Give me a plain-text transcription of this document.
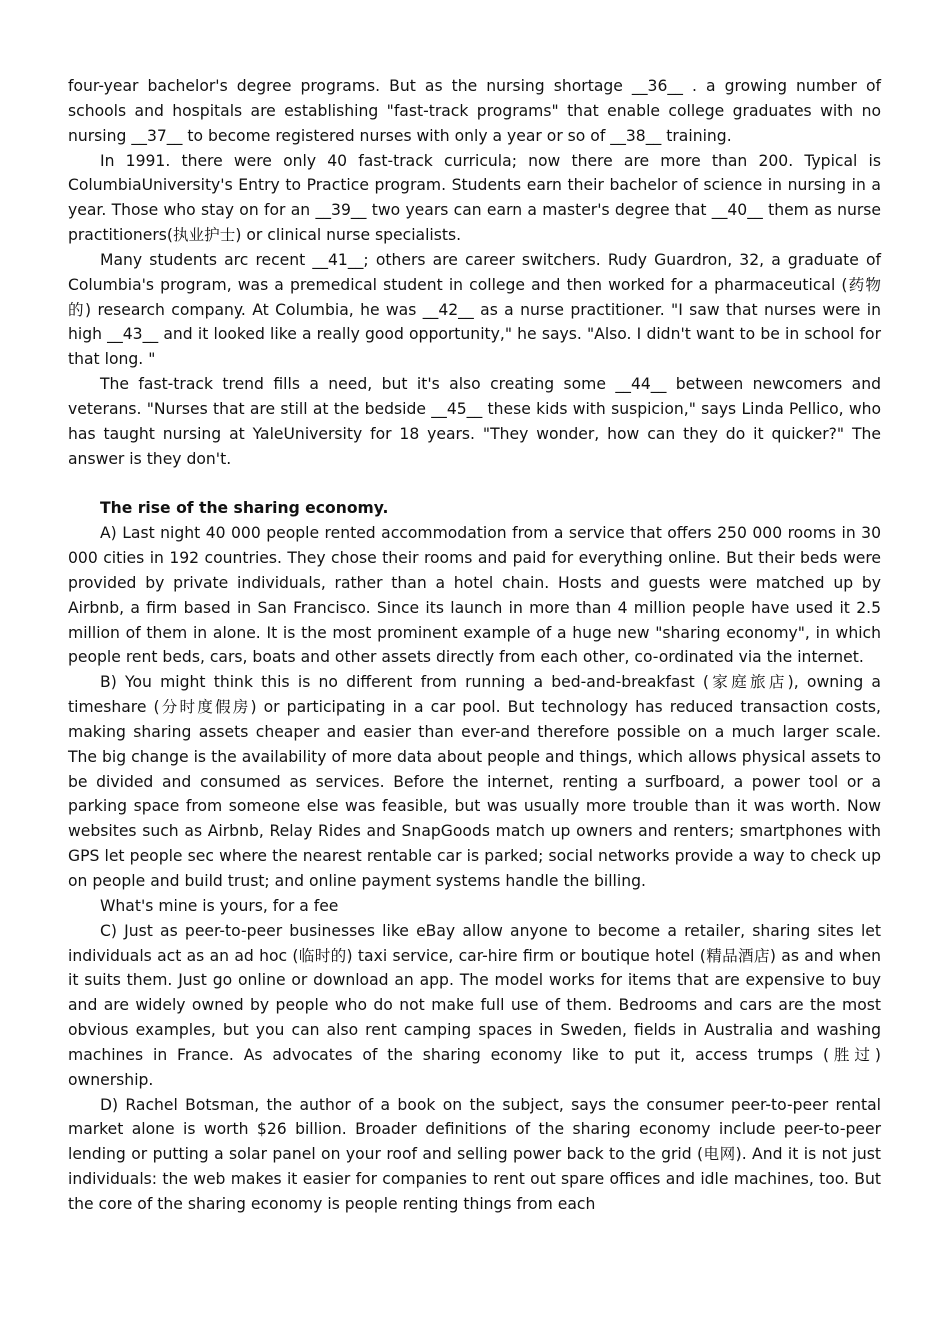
four-year bachelor's degree programs. But as the nursing shortage __36__ . a growing number of schools and hospitals are establishing "fast-track programs" that enable college graduates with no nursing __37__ to become registered nurses with only a year or so of __38__ training.

In 1991. there were only 40 fast-track curricula; now there are more than 200. Typical is ColumbiaUniversity's Entry to Practice program. Students earn their bachelor of science in nursing in a year. Those who stay on for an __39__ two years can earn a master's degree that __40__ them as nurse practitioners(执业护士) or clinical nurse specialists.

Many students arc recent __41__; others are career switchers. Rudy Guardron, 32, a graduate of Columbia's program, was a premedical student in college and then worked for a pharmaceutical (药物的) research company. At Columbia, he was __42__ as a nurse practitioner. "I saw that nurses were in high __43__ and it looked like a really good opportunity," he says. "Also. I didn't want to be in school for that long. "

The fast-track trend fills a need, but it's also creating some __44__ between newcomers and veterans. "Nurses that are still at the bedside __45__ these kids with suspicion," says Linda Pellico, who has taught nursing at YaleUniversity for 18 years. "They wonder, how can they do it quicker?" The answer is they don't.

The rise of the sharing economy.

A) Last night 40 000 people rented accommodation from a service that offers 250 000 rooms in 30 000 cities in 192 countries. They chose their rooms and paid for everything online. But their beds were provided by private individuals, rather than a hotel chain. Hosts and guests were matched up by Airbnb, a firm based in San Francisco. Since its launch in more than 4 million people have used it 2.5 million of them in alone. It is the most prominent example of a huge new "sharing economy", in which people rent beds, cars, boats and other assets directly from each other, co-ordinated via the internet.

B) You might think this is no different from running a bed-and-breakfast (家庭旅店), owning a timeshare (分时度假房) or participating in a car pool. But technology has reduced transaction costs, making sharing assets cheaper and easier than ever-and therefore possible on a much larger scale. The big change is the availability of more data about people and things, which allows physical assets to be divided and consumed as services. Before the internet, renting a surfboard, a power tool or a parking space from someone else was feasible, but was usually more trouble than it was worth. Now websites such as Airbnb, Relay Rides and SnapGoods match up owners and renters; smartphones with GPS let people sec where the nearest rentable car is parked; social networks provide a way to check up on people and build trust; and online payment systems handle the billing.

What's mine is yours, for a fee

C) Just as peer-to-peer businesses like eBay allow anyone to become a retailer, sharing sites let individuals act as an ad hoc (临时的) taxi service, car-hire firm or boutique hotel (精品酒店) as and when it suits them. Just go online or download an app. The model works for items that are expensive to buy and are widely owned by people who do not make full use of them. Bedrooms and cars are the most obvious examples, but you can also rent camping spaces in Sweden, fields in Australia and washing machines in France. As advocates of the sharing economy like to put it, access trumps (胜过) ownership.

D) Rachel Botsman, the author of a book on the subject, says the consumer peer-to-peer rental market alone is worth $26 billion. Broader definitions of the sharing economy include peer-to-peer lending or putting a solar panel on your roof and selling power back to the grid (电网). And it is not just individuals: the web makes it easier for companies to rent out spare offices and idle machines, too. But the core of the sharing economy is people renting things from each
